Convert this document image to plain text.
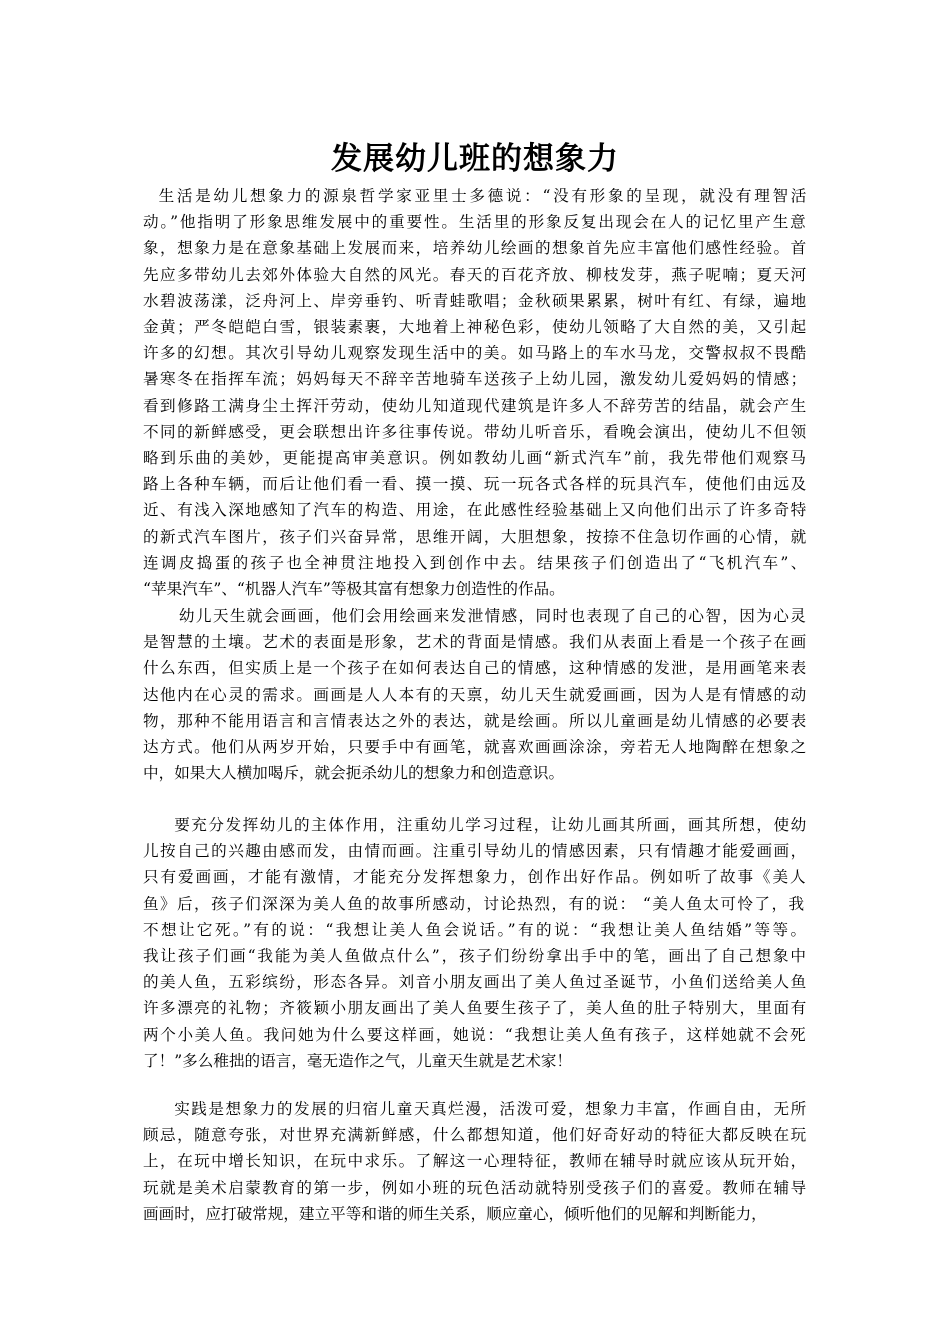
发展幼儿班的想象力
生活是幼儿想象力的源泉哲学家亚里士多德说：“没有形象的呈现，就没有理智活
动。”他指明了形象思维发展中的重要性。生活里的形象反复出现会在人的记忆里产生意
象，想象力是在意象基础上发展而来，培养幼儿绘画的想象首先应丰富他们感性经验。首
先应多带幼儿去郊外体验大自然的风光。春天的百花齐放、柳枝发芽，燕子呢喃；夏天河
水碧波荡漾，泛舟河上、岸旁垂钓、听青蛙歌唱；金秋硕果累累，树叶有红、有绿，遍地
金黄；严冬皑皑白雪，银装素裹，大地着上神秘色彩，使幼儿领略了大自然的美，又引起
许多的幻想。其次引导幼儿观察发现生活中的美。如马路上的车水马龙，交警叔叔不畏酷
暑寒冬在指挥车流；妈妈每天不辞辛苦地骑车送孩子上幼儿园，激发幼儿爱妈妈的情感；
看到修路工满身尘土挥汗劳动，使幼儿知道现代建筑是许多人不辞劳苦的结晶，就会产生
不同的新鲜感受，更会联想出许多往事传说。带幼儿听音乐，看晚会演出，使幼儿不但领
略到乐曲的美妙，更能提高审美意识。例如教幼儿画“新式汽车”前，我先带他们观察马
路上各种车辆，而后让他们看一看、摸一摸、玩一玩各式各样的玩具汽车，使他们由远及
近、有浅入深地感知了汽车的构造、用途，在此感性经验基础上又向他们出示了许多奇特
的新式汽车图片，孩子们兴奋异常，思维开阔，大胆想象，按捺不住急切作画的心情，就
连调皮捣蛋的孩子也全神贯注地投入到创作中去。结果孩子们创造出了“飞机汽车”、
“苹果汽车”、“机器人汽车”等极其富有想象力创造性的作品。
幼儿天生就会画画，他们会用绘画来发泄情感，同时也表现了自己的心智，因为心灵
是智慧的土壤。艺术的表面是形象，艺术的背面是情感。我们从表面上看是一个孩子在画
什么东西，但实质上是一个孩子在如何表达自己的情感，这种情感的发泄，是用画笔来表
达他内在心灵的需求。画画是人人本有的天禀，幼儿天生就爱画画，因为人是有情感的动
物，那种不能用语言和言情表达之外的表达，就是绘画。所以儿童画是幼儿情感的必要表
达方式。他们从两岁开始，只要手中有画笔，就喜欢画画涂涂，旁若无人地陶醉在想象之
中，如果大人横加喝斥，就会扼杀幼儿的想象力和创造意识。
要充分发挥幼儿的主体作用，注重幼儿学习过程，让幼儿画其所画，画其所想，使幼
儿按自己的兴趣由感而发，由情而画。注重引导幼儿的情感因素，只有情趣才能爱画画，
只有爱画画，才能有激情，才能充分发挥想象力，创作出好作品。例如听了故事《美人
鱼》后，孩子们深深为美人鱼的故事所感动，讨论热烈，有的说： “美人鱼太可怜了，我
不想让它死。”有的说：“我想让美人鱼会说话。”有的说：“我想让美人鱼结婚”等等。
我让孩子们画“我能为美人鱼做点什么”，孩子们纷纷拿出手中的笔，画出了自己想象中
的美人鱼，五彩缤纷，形态各异。刘音小朋友画出了美人鱼过圣诞节，小鱼们送给美人鱼
许多漂亮的礼物；齐筱颖小朋友画出了美人鱼要生孩子了，美人鱼的肚子特别大，里面有
两个小美人鱼。我问她为什么要这样画，她说：“我想让美人鱼有孩子，这样她就不会死
了！”多么稚拙的语言，毫无造作之气，儿童天生就是艺术家！
实践是想象力的发展的归宿儿童天真烂漫，活泼可爱，想象力丰富，作画自由，无所
顾忌，随意夸张，对世界充满新鲜感，什么都想知道，他们好奇好动的特征大都反映在玩
上，在玩中增长知识，在玩中求乐。了解这一心理特征，教师在辅导时就应该从玩开始，
玩就是美术启蒙教育的第一步，例如小班的玩色活动就特别受孩子们的喜爱。教师在辅导
画画时，应打破常规，建立平等和谐的师生关系，顺应童心，倾听他们的见解和判断能力，
